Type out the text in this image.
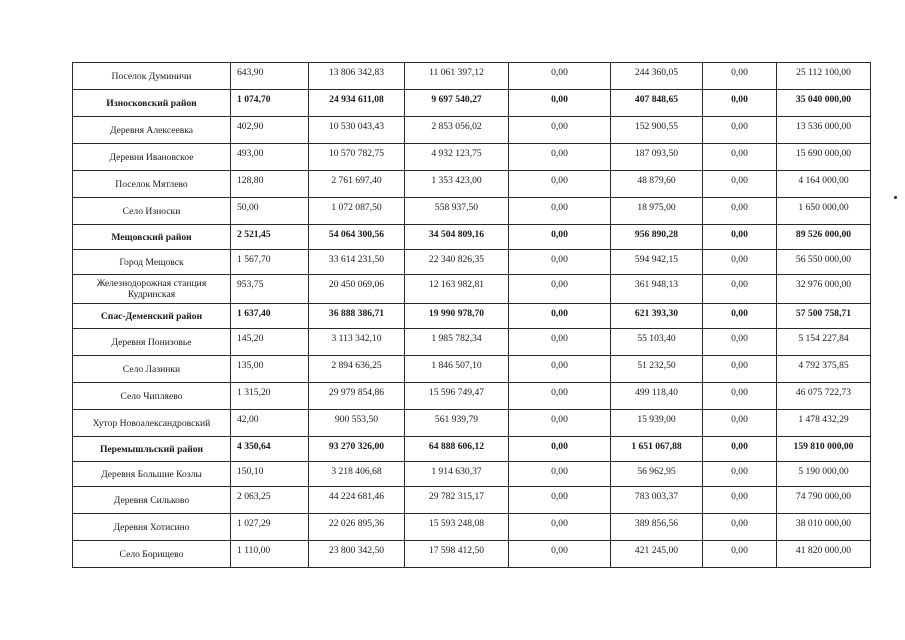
Поселок Думиничи	643,90	13 806 342,83	11 061 397,12	0,00	244 360,05	0,00	25 112 100,00
Износковский район	1 074,70	24 934 611,08	9 697 540,27	0,00	407 848,65	0,00	35 040 000,00
Деревня Алексеевка	402,90	10 530 043,43	2 853 056,02	0,00	152 900,55	0,00	13 536 000,00
Деревня Ивановское	493,00	10 570 782,75	4 932 123,75	0,00	187 093,50	0,00	15 690 000,00
Поселок Мятлево	128,80	2 761 697,40	1 353 423,00	0,00	48 879,60	0,00	4 164 000,00
Село Износки	50,00	1 072 087,50	558 937,50	0,00	18 975,00	0,00	1 650 000,00
Мещовский район	2 521,45	54 064 300,56	34 504 809,16	0,00	956 890,28	0,00	89 526 000,00
Город Мещовск	1 567,70	33 614 231,50	22 340 826,35	0,00	594 942,15	0,00	56 550 000,00
Железнодорожная станция Кудринская	953,75	20 450 069,06	12 163 982,81	0,00	361 948,13	0,00	32 976 000,00
Спас-Деменский район	1 637,40	36 888 386,71	19 990 978,70	0,00	621 393,30	0,00	57 500 758,71
Деревня Понизовье	145,20	3 113 342,10	1 985 782,34	0,00	55 103,40	0,00	5 154 227,84
Село Лазинки	135,00	2 894 636,25	1 846 507,10	0,00	51 232,50	0,00	4 792 375,85
Село Чипляево	1 315,20	29 979 854,86	15 596 749,47	0,00	499 118,40	0,00	46 075 722,73
Хутор Новоалександровский	42,00	900 553,50	561 939,79	0,00	15 939,00	0,00	1 478 432,29
Перемышльский район	4 350,64	93 270 326,00	64 888 606,12	0,00	1 651 067,88	0,00	159 810 000,00
Деревня Большие Козлы	150,10	3 218 406,68	1 914 630,37	0,00	56 962,95	0,00	5 190 000,00
Деревня Сильково	2 063,25	44 224 681,46	29 782 315,17	0,00	783 003,37	0,00	74 790 000,00
Деревня Хотисино	1 027,29	22 026 895,36	15 593 248,08	0,00	389 856,56	0,00	38 010 000,00
Село Борищево	1 110,00	23 800 342,50	17 598 412,50	0,00	421 245,00	0,00	41 820 000,00
